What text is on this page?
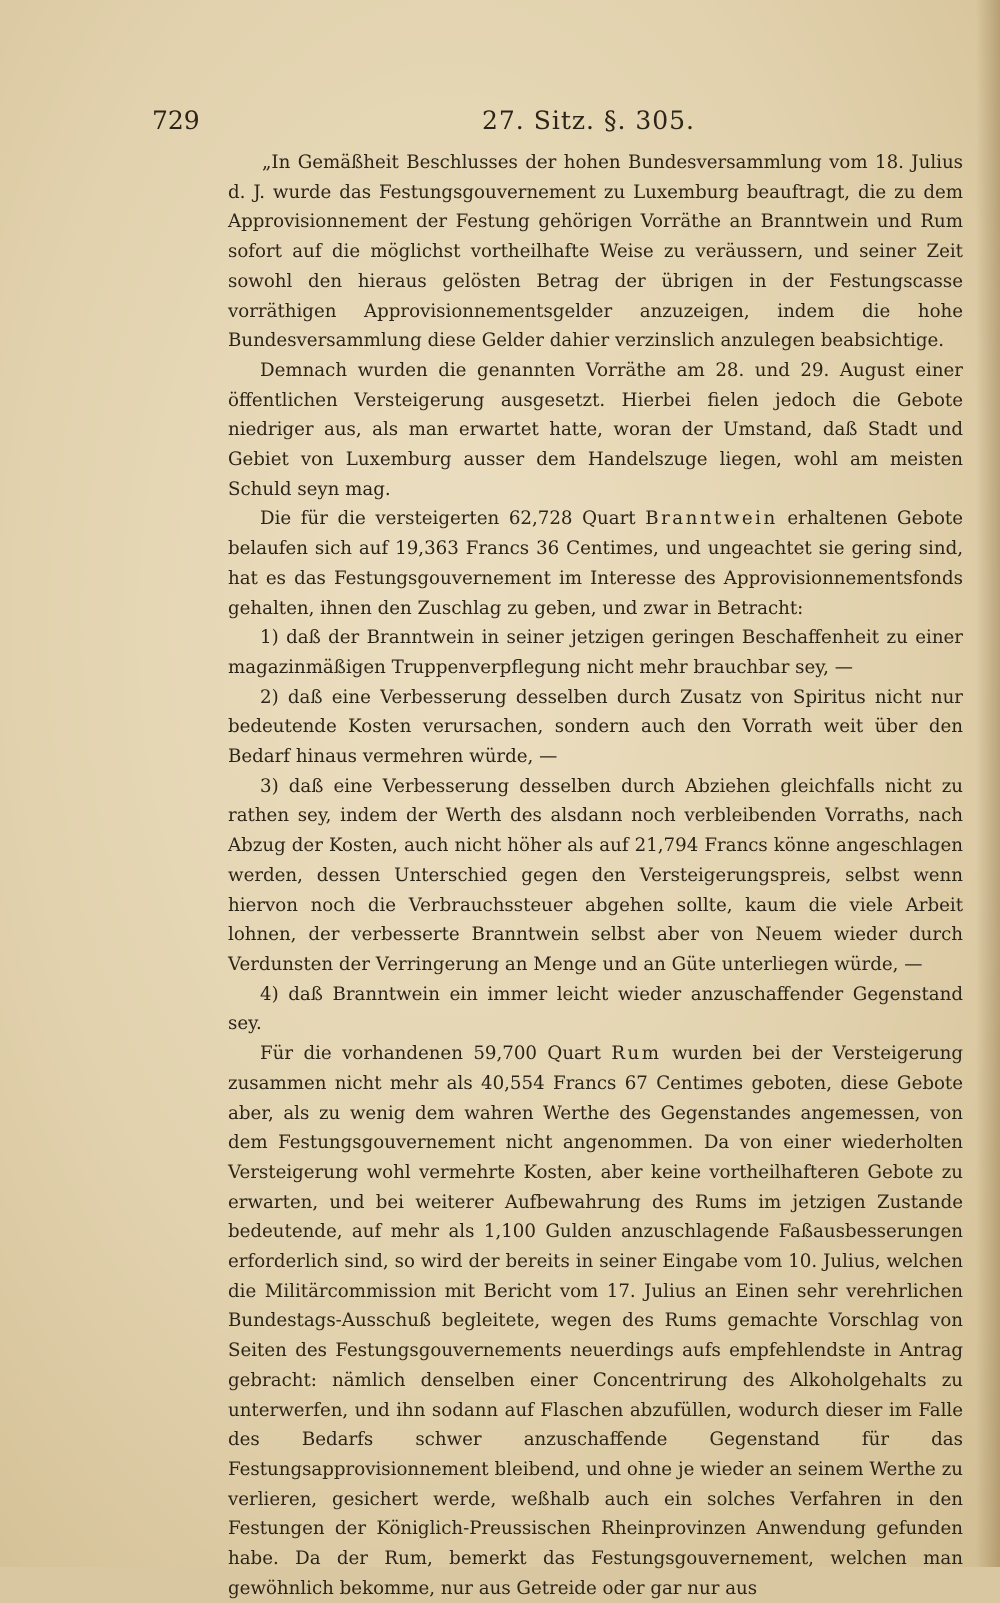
729	27. Sitz. §. 305.

„In Gemäßheit Beschlusses der hohen Bundesversammlung vom 18. Julius d. J. wurde das Festungsgouvernement zu Luxemburg beauftragt, die zu dem Approvisionnement der Festung gehörigen Vorräthe an Branntwein und Rum sofort auf die möglichst vortheilhafte Weise zu veräussern, und seiner Zeit sowohl den hieraus gelösten Betrag der übrigen in der Festungscasse vorräthigen Approvisionnementsgelder anzuzeigen, indem die hohe Bundesversammlung diese Gelder dahier verzinslich anzulegen beabsichtige.

Demnach wurden die genannten Vorräthe am 28. und 29. August einer öffentlichen Versteigerung ausgesetzt. Hierbei fielen jedoch die Gebote niedriger aus, als man erwartet hatte, woran der Umstand, daß Stadt und Gebiet von Luxemburg ausser dem Handelszuge liegen, wohl am meisten Schuld seyn mag.

Die für die versteigerten 62,728 Quart Branntwein erhaltenen Gebote belaufen sich auf 19,363 Francs 36 Centimes, und ungeachtet sie gering sind, hat es das Festungsgouvernement im Interesse des Approvisionnementsfonds gehalten, ihnen den Zuschlag zu geben, und zwar in Betracht:

1) daß der Branntwein in seiner jetzigen geringen Beschaffenheit zu einer magazinmäßigen Truppenverpflegung nicht mehr brauchbar sey, —

2) daß eine Verbesserung desselben durch Zusatz von Spiritus nicht nur bedeutende Kosten verursachen, sondern auch den Vorrath weit über den Bedarf hinaus vermehren würde, —

3) daß eine Verbesserung desselben durch Abziehen gleichfalls nicht zu rathen sey, indem der Werth des alsdann noch verbleibenden Vorraths, nach Abzug der Kosten, auch nicht höher als auf 21,794 Francs könne angeschlagen werden, dessen Unterschied gegen den Versteigerungspreis, selbst wenn hiervon noch die Verbrauchssteuer abgehen sollte, kaum die viele Arbeit lohnen, der verbesserte Branntwein selbst aber von Neuem wieder durch Verdunsten der Verringerung an Menge und an Güte unterliegen würde, —

4) daß Branntwein ein immer leicht wieder anzuschaffender Gegenstand sey.

Für die vorhandenen 59,700 Quart Rum wurden bei der Versteigerung zusammen nicht mehr als 40,554 Francs 67 Centimes geboten, diese Gebote aber, als zu wenig dem wahren Werthe des Gegenstandes angemessen, von dem Festungsgouvernement nicht angenommen. Da von einer wiederholten Versteigerung wohl vermehrte Kosten, aber keine vortheilhafteren Gebote zu erwarten, und bei weiterer Aufbewahrung des Rums im jetzigen Zustande bedeutende, auf mehr als 1,100 Gulden anzuschlagende Faßausbesserungen erforderlich sind, so wird der bereits in seiner Eingabe vom 10. Julius, welchen die Militärcommission mit Bericht vom 17. Julius an Einen sehr verehrlichen Bundestags-Ausschuß begleitete, wegen des Rums gemachte Vorschlag von Seiten des Festungsgouvernements neuerdings aufs empfehlendste in Antrag gebracht: nämlich denselben einer Concentrirung des Alkoholgehalts zu unterwerfen, und ihn sodann auf Flaschen abzufüllen, wodurch dieser im Falle des Bedarfs schwer anzuschaffende Gegenstand für das Festungsapprovisionnement bleibend, und ohne je wieder an seinem Werthe zu verlieren, gesichert werde, weßhalb auch ein solches Verfahren in den Festungen der Königlich-Preussischen Rheinprovinzen Anwendung gefunden habe. Da der Rum, bemerkt das Festungsgouvernement, welchen man gewöhnlich bekomme, nur aus Getreide oder gar nur aus
